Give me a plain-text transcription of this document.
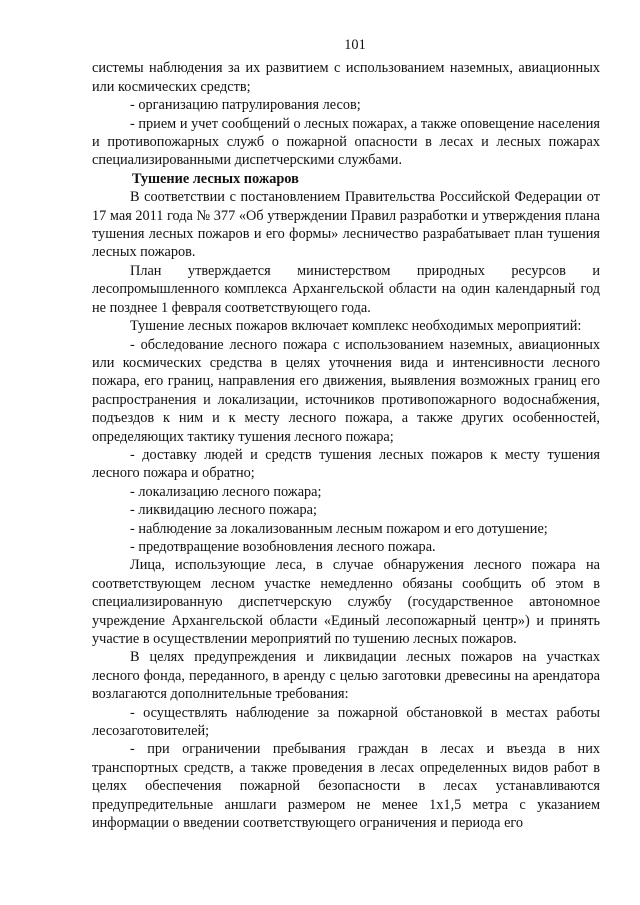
101

системы наблюдения за их развитием с использованием наземных, авиационных или космических средств;

- организацию патрулирования лесов;

- прием и учет сообщений о лесных пожарах, а также оповещение населения и противопожарных служб о пожарной опасности в лесах и лесных пожарах специализированными диспетчерскими службами.

Тушение лесных пожаров

В соответствии с постановлением Правительства Российской Федерации от 17 мая 2011 года № 377 «Об утверждении Правил разработки и утверждения плана тушения лесных пожаров и его формы» лесничество разрабатывает план тушения лесных пожаров.

План утверждается министерством природных ресурсов и лесопромышленного комплекса Архангельской области на один календарный год не позднее 1 февраля соответствующего года.

Тушение лесных пожаров включает комплекс необходимых мероприятий:

- обследование лесного пожара с использованием наземных, авиационных или космических средства в целях уточнения вида и интенсивности лесного пожара, его границ, направления его движения, выявления возможных границ его распространения и локализации, источников противопожарного водоснабжения, подъездов к ним и к месту лесного пожара, а также других особенностей, определяющих тактику тушения лесного пожара;

- доставку людей и средств тушения лесных пожаров к месту тушения лесного пожара и обратно;

- локализацию лесного пожара;

- ликвидацию лесного пожара;

- наблюдение за локализованным лесным пожаром и его дотушение;

- предотвращение возобновления лесного пожара.

Лица, использующие леса, в случае обнаружения лесного пожара на соответствующем лесном участке немедленно обязаны сообщить об этом в специализированную диспетчерскую службу (государственное автономное учреждение Архангельской области «Единый лесопожарный центр») и принять участие в осуществлении мероприятий по тушению лесных пожаров.

В целях предупреждения и ликвидации лесных пожаров на участках лесного фонда, переданного, в аренду с целью заготовки древесины на арендатора возлагаются дополнительные требования:

- осуществлять наблюдение за пожарной обстановкой в местах работы лесозаготовителей;

- при ограничении пребывания граждан в лесах и въезда в них транспортных средств, а также проведения в лесах определенных видов работ в целях обеспечения пожарной безопасности в лесах устанавливаются предупредительные аншлаги размером не менее 1х1,5 метра с указанием информации о введении соответствующего ограничения и периода его
